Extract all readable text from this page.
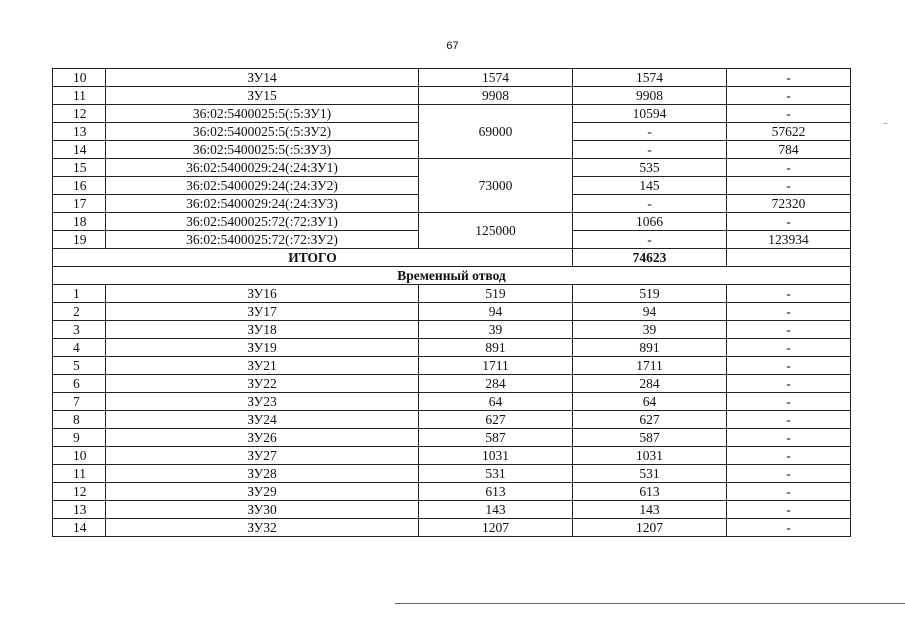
67
10	ЗУ14	1574	1574	-
11	ЗУ15	9908	9908	-
12	36:02:5400025:5(:5:ЗУ1)	69000	10594	-
13	36:02:5400025:5(:5:ЗУ2)		-	57622
14	36:02:5400025:5(:5:ЗУ3)		-	784
15	36:02:5400029:24(:24:ЗУ1)	73000	535	-
16	36:02:5400029:24(:24:ЗУ2)		145	-
17	36:02:5400029:24(:24:ЗУ3)		-	72320
18	36:02:5400025:72(:72:ЗУ1)	125000	1066	-
19	36:02:5400025:72(:72:ЗУ2)		-	123934
ИТОГО			74623	
Временный отвод				
1	ЗУ16	519	519	-
2	ЗУ17	94	94	-
3	ЗУ18	39	39	-
4	ЗУ19	891	891	-
5	ЗУ21	1711	1711	-
6	ЗУ22	284	284	-
7	ЗУ23	64	64	-
8	ЗУ24	627	627	-
9	ЗУ26	587	587	-
10	ЗУ27	1031	1031	-
11	ЗУ28	531	531	-
12	ЗУ29	613	613	-
13	ЗУ30	143	143	-
14	ЗУ32	1207	1207	-
